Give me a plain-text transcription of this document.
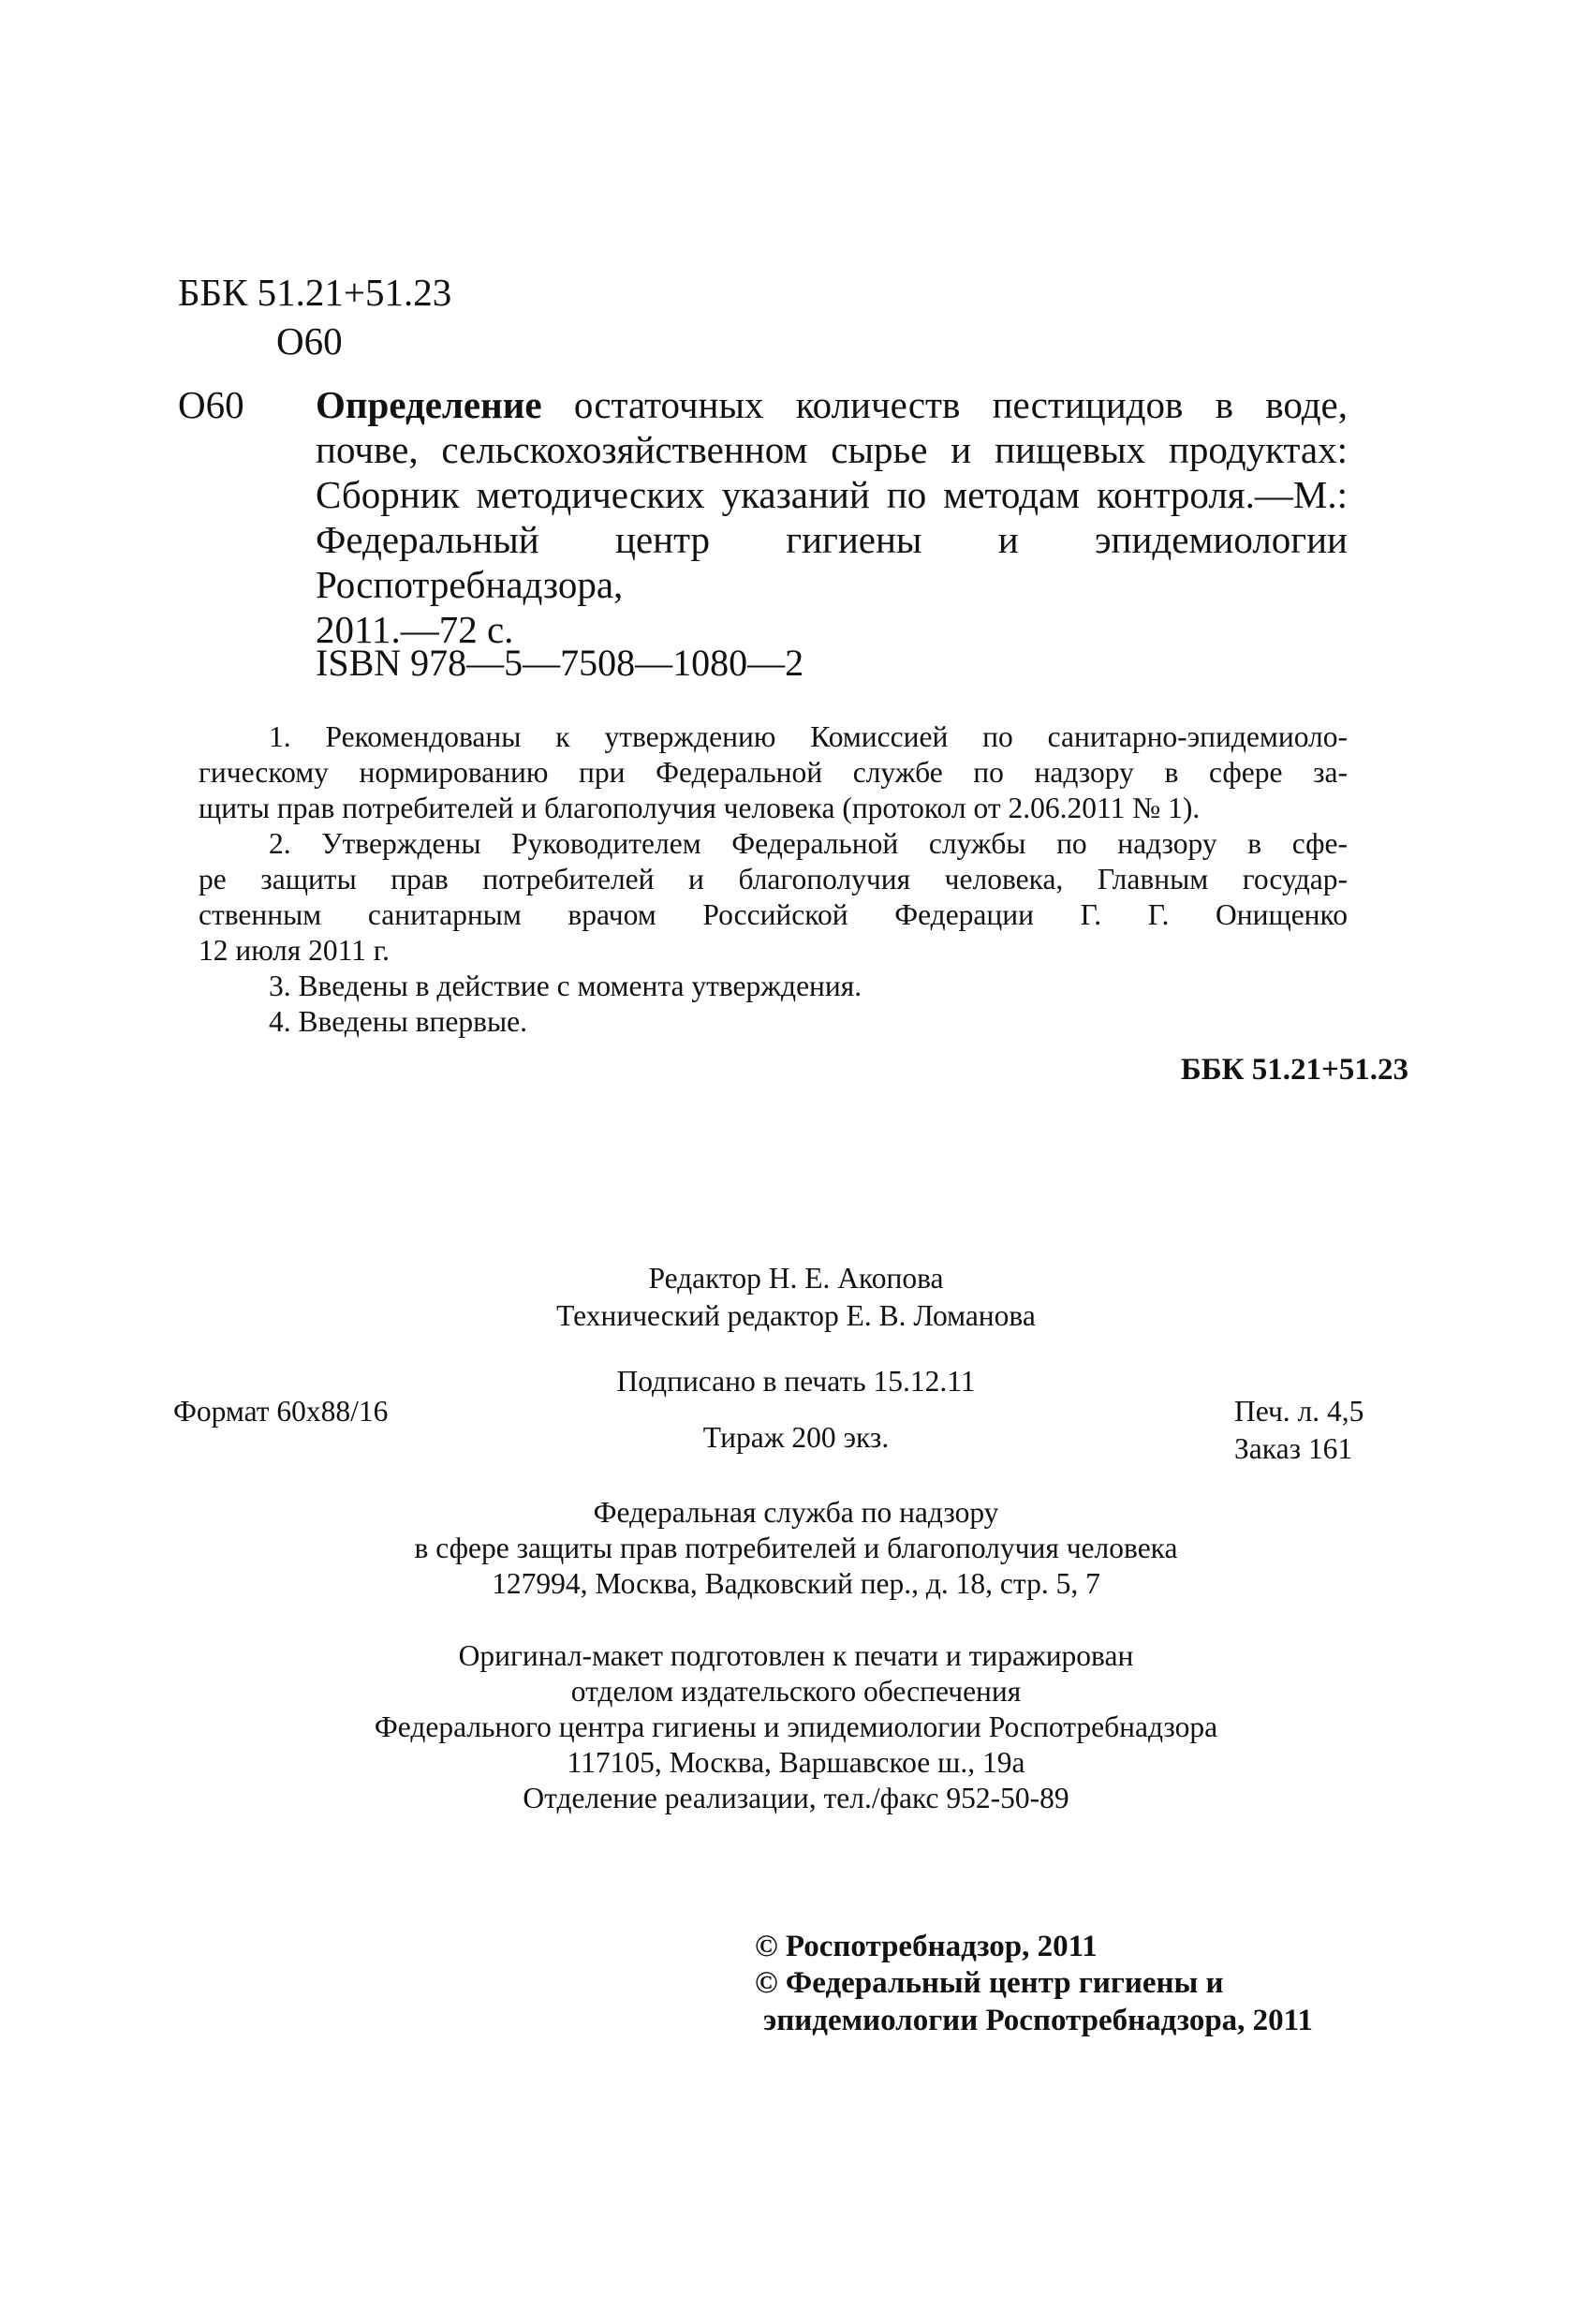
ББК 51.21+51.23
О60
О60 Определение остаточных количеств пестицидов в воде,
почве, сельскохозяйственном сырье и пищевых продуктах:
Сборник методических указаний по методам контроля.—М.:
Федеральный центр гигиены и эпидемиологии Роспотребнадзора,
2011.—72 с.
ISBN 978—5—7508—1080—2
1. Рекомендованы к утверждению Комиссией по санитарно-эпидемиоло-
гическому нормированию при Федеральной службе по надзору в сфере за-
щиты прав потребителей и благополучия человека (протокол от 2.06.2011 № 1).
2. Утверждены Руководителем Федеральной службы по надзору в сфе-
ре защиты прав потребителей и благополучия человека, Главным государ-
ственным санитарным врачом Российской Федерации Г. Г. Онищенко
12 июля 2011 г.
3. Введены в действие с момента утверждения.
4. Введены впервые.
ББК 51.21+51.23
Редактор Н. Е. Акопова
Технический редактор Е. В. Ломанова
Подписано в печать 15.12.11
Формат 60х88/16	Печ. л. 4,5
Тираж 200 экз.	Заказ 161
Федеральная служба по надзору
в сфере защиты прав потребителей и благополучия человека
127994, Москва, Вадковский пер., д. 18, стр. 5, 7
Оригинал-макет подготовлен к печати и тиражирован
отделом издательского обеспечения
Федерального центра гигиены и эпидемиологии Роспотребнадзора
117105, Москва, Варшавское ш., 19а
Отделение реализации, тел./факс 952-50-89
© Роспотребнадзор, 2011
© Федеральный центр гигиены и
эпидемиологии Роспотребнадзора, 2011
